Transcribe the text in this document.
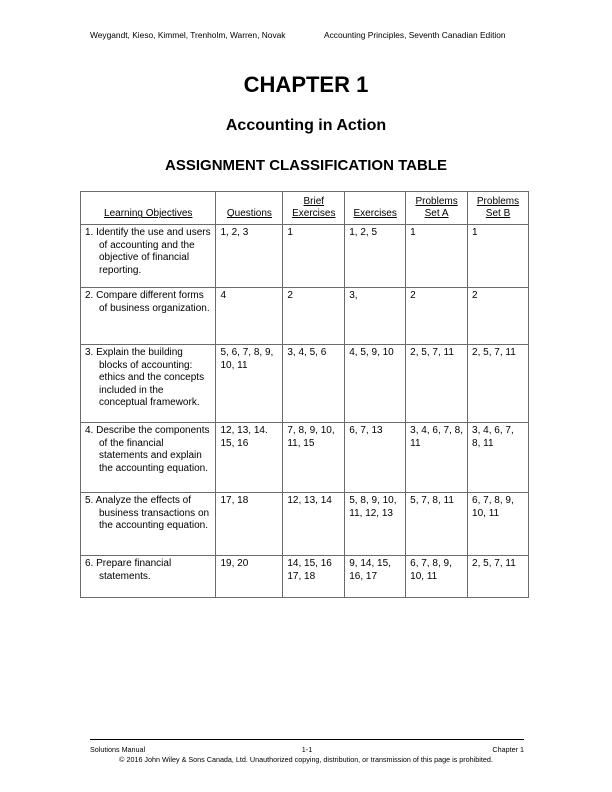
Weygandt, Kieso, Kimmel, Trenholm, Warren, Novak	Accounting Principles, Seventh Canadian Edition
CHAPTER 1
Accounting in Action
ASSIGNMENT CLASSIFICATION TABLE
Learning Objectives	Questions	Brief Exercises	Exercises	Problems Set A	Problems Set B

1. Identify the use and users of accounting and the objective of financial reporting.	1, 2, 3	1	1, 2, 5	1	1

2. Compare different forms of business organization.	4	2	3,	2	2

3. Explain the building blocks of accounting: ethics and the concepts included in the conceptual framework.	5, 6, 7, 8, 9, 10, 11	3, 4, 5, 6	4, 5, 9, 10	2, 5, 7, 11	2, 5, 7, 11

4. Describe the components of the financial statements and explain the accounting equation.	12, 13, 14. 15, 16	7, 8, 9, 10, 11, 15	6, 7, 13	3, 4, 6, 7, 8, 11	3, 4, 6, 7, 8, 11

5. Analyze the effects of business transactions on the accounting equation.	17, 18	12, 13, 14	5, 8, 9, 10, 11, 12, 13	5, 7, 8, 11	6, 7, 8, 9, 10, 11

6. Prepare financial statements.	19, 20	14, 15, 16 17, 18	9, 14, 15, 16, 17	6, 7, 8, 9, 10, 11	2, 5, 7, 11
Solutions Manual	1-1	Chapter 1
© 2016 John Wiley & Sons Canada, Ltd. Unauthorized copying, distribution, or transmission of this page is prohibited.
